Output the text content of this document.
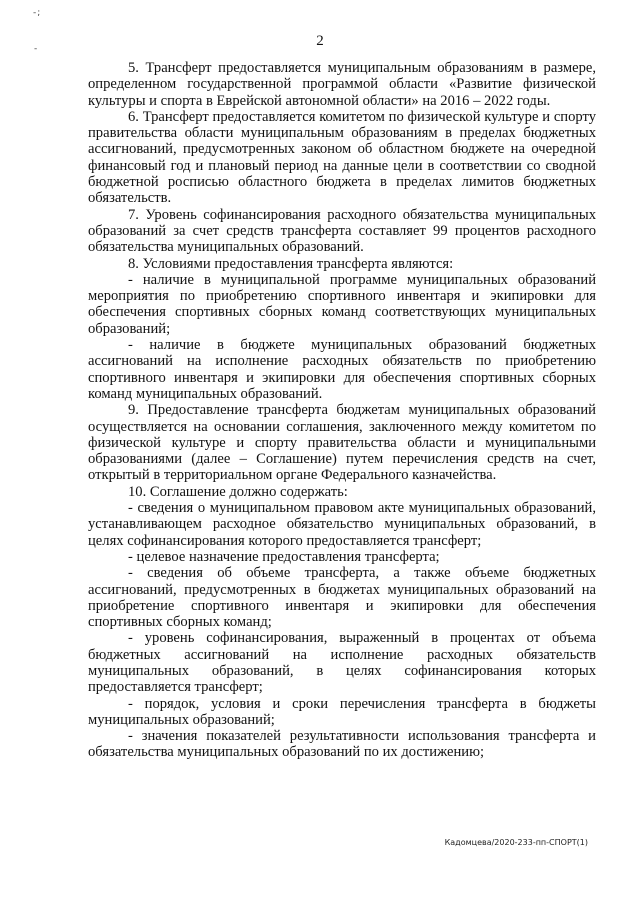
-;
-	2

5. Трансферт предоставляется муниципальным образованиям в размере, определенном государственной программой области «Развитие физической культуры и спорта в Еврейской автономной области» на 2016 – 2022 годы.

6. Трансферт предоставляется комитетом по физической культуре и спорту правительства области муниципальным образованиям в пределах бюджетных ассигнований, предусмотренных законом об областном бюджете на очередной финансовый год и плановый период на данные цели в соответствии со сводной бюджетной росписью областного бюджета в пределах лимитов бюджетных обязательств.

7. Уровень софинансирования расходного обязательства муниципальных образований за счет средств трансферта составляет 99 процентов расходного обязательства муниципальных образований.

8. Условиями предоставления трансферта являются:

- наличие в муниципальной программе муниципальных образований мероприятия по приобретению спортивного инвентаря и экипировки для обеспечения спортивных сборных команд соответствующих муниципальных образований;

- наличие в бюджете муниципальных образований бюджетных ассигнований на исполнение расходных обязательств по приобретению спортивного инвентаря и экипировки для обеспечения спортивных сборных команд муниципальных образований.

9. Предоставление трансферта бюджетам муниципальных образований осуществляется на основании соглашения, заключенного между комитетом по физической культуре и спорту правительства области и муниципальными образованиями (далее – Соглашение) путем перечисления средств на счет, открытый в территориальном органе Федерального казначейства.

10. Соглашение должно содержать:

- сведения о муниципальном правовом акте муниципальных образований, устанавливающем расходное обязательство муниципальных образований, в целях софинансирования которого предоставляется трансферт;

- целевое назначение предоставления трансферта;

- сведения об объеме трансферта, а также объеме бюджетных ассигнований, предусмотренных в бюджетах муниципальных образований на приобретение спортивного инвентаря и экипировки для обеспечения спортивных сборных команд;

- уровень софинансирования, выраженный в процентах от объема бюджетных ассигнований на исполнение расходных обязательств муниципальных образований, в целях софинансирования которых предоставляется трансферт;

- порядок, условия и сроки перечисления трансферта в бюджеты муниципальных образований;

- значения показателей результативности использования трансферта и обязательства муниципальных образований по их достижению;

Кадомцева/2020-233-пп-СПОРТ(1)
